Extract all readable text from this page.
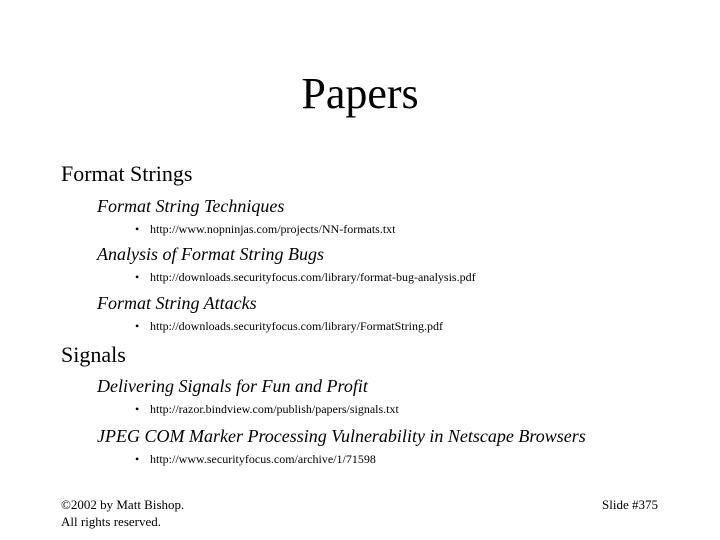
Papers
Format Strings
Format String Techniques
• http://www.nopninjas.com/projects/NN-formats.txt
Analysis of Format String Bugs
• http://downloads.securityfocus.com/library/format-bug-analysis.pdf
Format String Attacks
• http://downloads.securityfocus.com/library/FormatString.pdf
Signals
Delivering Signals for Fun and Profit
• http://razor.bindview.com/publish/papers/signals.txt
JPEG COM Marker Processing Vulnerability in Netscape Browsers
• http://www.securityfocus.com/archive/1/71598
©2002 by Matt Bishop.
All rights reserved.
Slide #375
